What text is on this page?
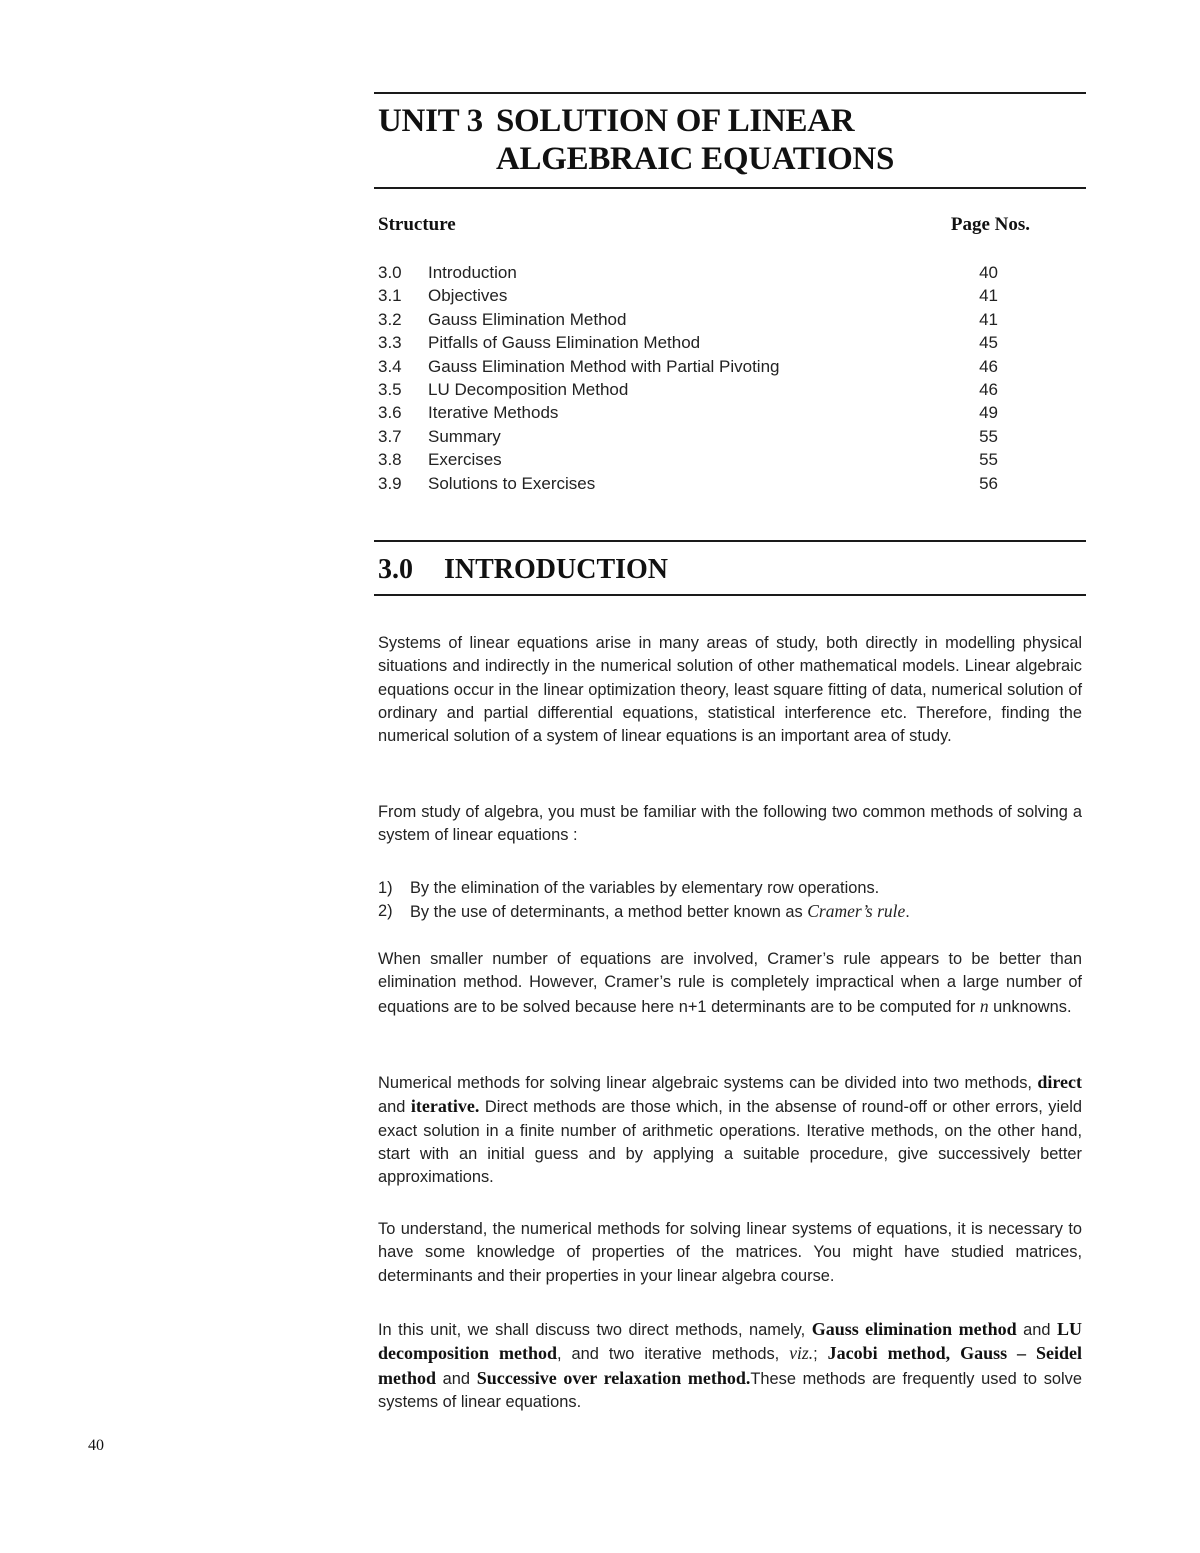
UNIT 3 SOLUTION OF LINEAR
ALGEBRAIC EQUATIONS
Structure	Page Nos.
3.0	Introduction	40
3.1	Objectives	41
3.2	Gauss Elimination Method	41
3.3	Pitfalls of Gauss Elimination Method	45
3.4	Gauss Elimination Method with Partial Pivoting	46
3.5	LU Decomposition Method	46
3.6	Iterative Methods	49
3.7	Summary	55
3.8	Exercises	55
3.9	Solutions to Exercises	56
3.0 INTRODUCTION

Systems of linear equations arise in many areas of study, both directly in modelling physical situations and indirectly in the numerical solution of other mathematical models. Linear algebraic equations occur in the linear optimization theory, least square fitting of data, numerical solution of ordinary and partial differential equations, statistical interference etc. Therefore, finding the numerical solution of a system of linear equations is an important area of study.

From study of algebra, you must be familiar with the following two common methods of solving a system of linear equations :

1)	By the elimination of the variables by elementary row operations.
2)	By the use of determinants, a method better known as Cramer’s rule.

When smaller number of equations are involved, Cramer’s rule appears to be better than elimination method. However, Cramer’s rule is completely impractical when a large number of equations are to be solved because here n+1 determinants are to be computed for n unknowns.

Numerical methods for solving linear algebraic systems can be divided into two methods, direct and iterative. Direct methods are those which, in the absense of round-off or other errors, yield exact solution in a finite number of arithmetic operations. Iterative methods, on the other hand, start with an initial guess and by applying a suitable procedure, give successively better approximations.

To understand, the numerical methods for solving linear systems of equations, it is necessary to have some knowledge of properties of the matrices. You might have studied matrices, determinants and their properties in your linear algebra course.

In this unit, we shall discuss two direct methods, namely, Gauss elimination method and LU decomposition method, and two iterative methods, viz.; Jacobi method, Gauss – Seidel method and Successive over relaxation method.These methods are frequently used to solve systems of linear equations.

40
